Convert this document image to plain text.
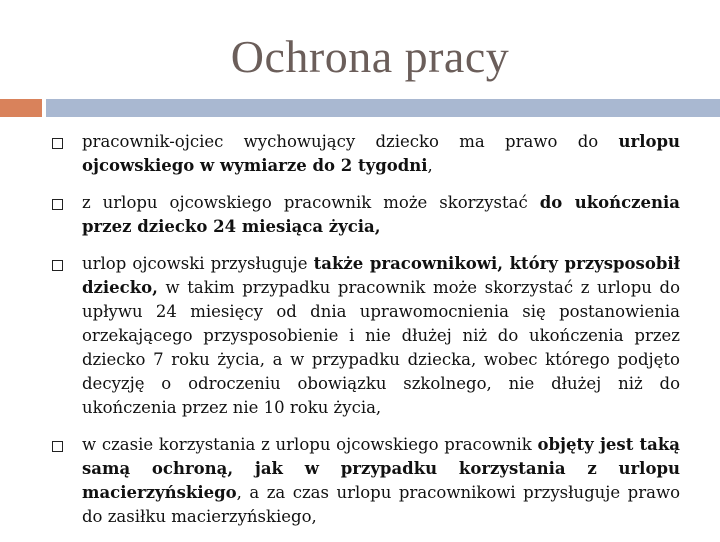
Ochrona pracy
pracownik-ojciec wychowujący dziecko ma prawo do urlopu ojcowskiego w wymiarze do 2 tygodni,
z urlopu ojcowskiego pracownik może skorzystać do ukończenia przez dziecko 24 miesiąca życia,
urlop ojcowski przysługuje także pracownikowi, który przysposobił dziecko, w takim przypadku pracownik może skorzystać z urlopu do upływu 24 miesięcy od dnia uprawomocnienia się postanowienia orzekającego przysposobienie i nie dłużej niż do ukończenia przez dziecko 7 roku życia, a w przypadku dziecka, wobec którego podjęto decyzję o odroczeniu obowiązku szkolnego, nie dłużej niż do ukończenia przez nie 10 roku życia,
w czasie korzystania z urlopu ojcowskiego pracownik objęty jest taką samą ochroną, jak w przypadku korzystania z urlopu macierzyńskiego, a za czas urlopu pracownikowi przysługuje prawo do zasiłku macierzyńskiego,
